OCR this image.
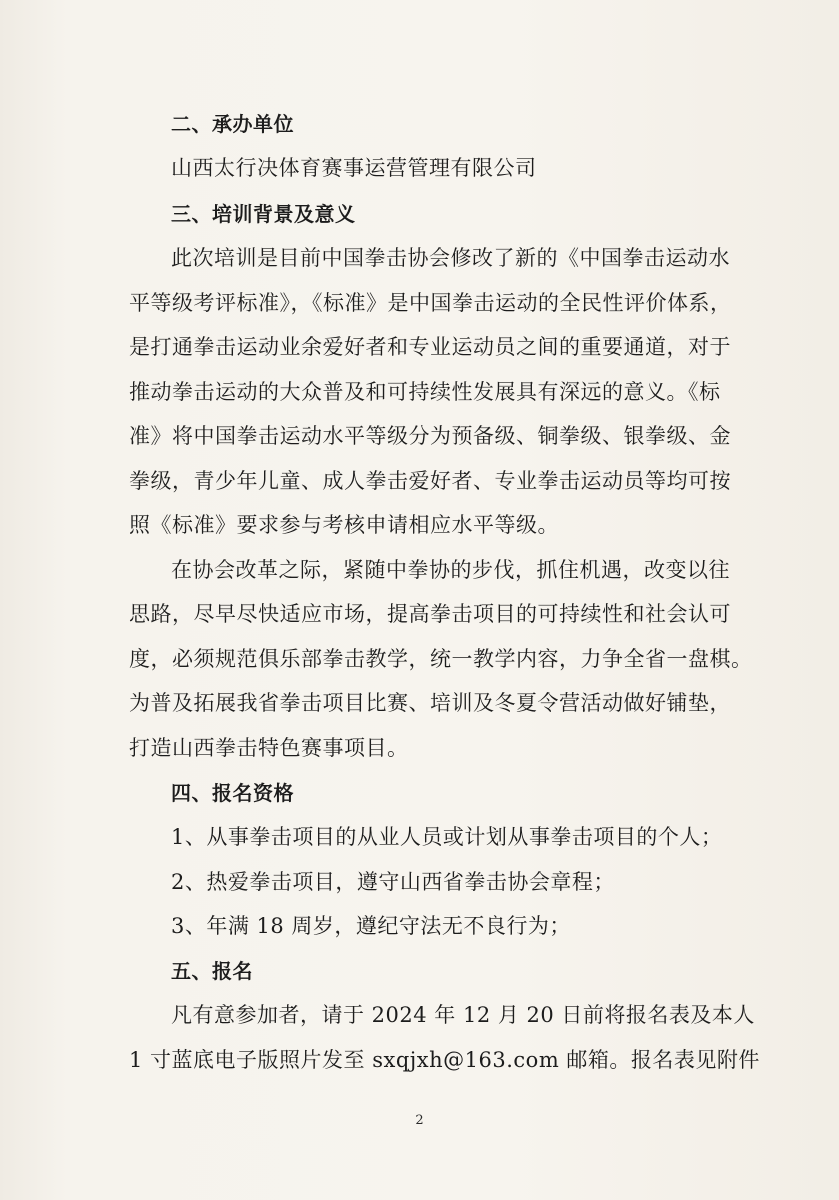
二、承办单位
山西太行决体育赛事运营管理有限公司
三、培训背景及意义
此次培训是目前中国拳击协会修改了新的《中国拳击运动水
平等级考评标准》，《标准》是中国拳击运动的全民性评价体系，
是打通拳击运动业余爱好者和专业运动员之间的重要通道，对于
推动拳击运动的大众普及和可持续性发展具有深远的意义。《标
准》将中国拳击运动水平等级分为预备级、铜拳级、银拳级、金
拳级，青少年儿童、成人拳击爱好者、专业拳击运动员等均可按
照《标准》要求参与考核申请相应水平等级。
在协会改革之际，紧随中拳协的步伐，抓住机遇，改变以往
思路，尽早尽快适应市场，提高拳击项目的可持续性和社会认可
度，必须规范俱乐部拳击教学，统一教学内容，力争全省一盘棋。
为普及拓展我省拳击项目比赛、培训及冬夏令营活动做好铺垫，
打造山西拳击特色赛事项目。
四、报名资格
1、从事拳击项目的从业人员或计划从事拳击项目的个人；
2、热爱拳击项目，遵守山西省拳击协会章程；
3、年满 18 周岁，遵纪守法无不良行为；
五、报名
凡有意参加者，请于 2024 年 12 月 20 日前将报名表及本人
1 寸蓝底电子版照片发至 sxqjxh@163.com 邮箱。报名表见附件
2
